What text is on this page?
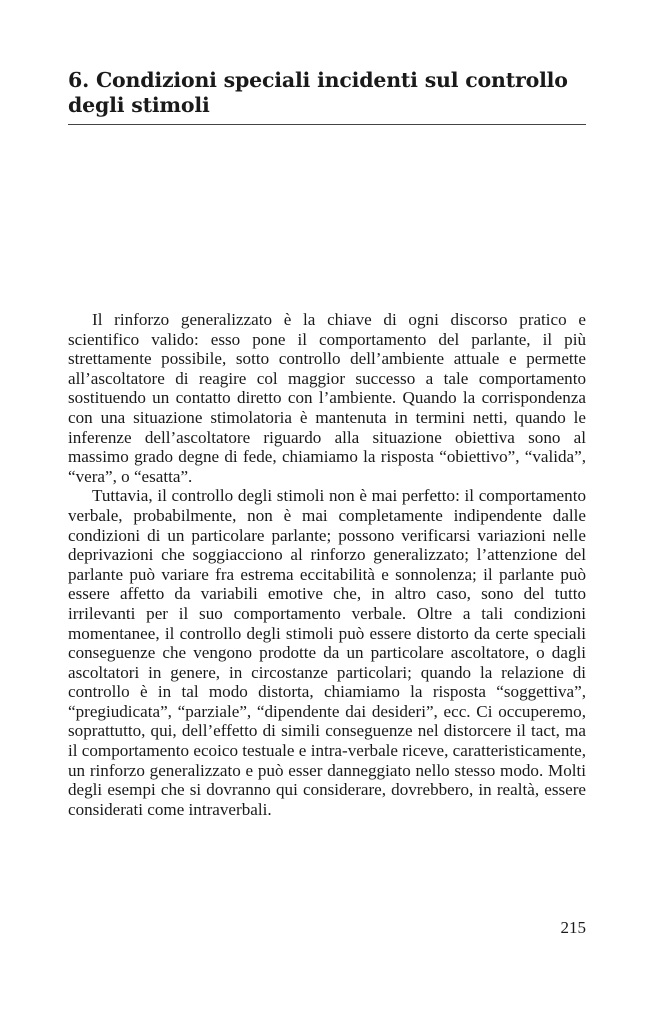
6. Condizioni speciali incidenti sul controllo
degli stimoli

Il rinforzo generalizzato è la chiave di ogni discorso pratico e scientifico valido: esso pone il comportamento del parlante, il più strettamente possibile, sotto controllo dell’ambiente attuale e permette all’ascoltatore di reagire col maggior successo a tale comportamento sostituendo un contatto diretto con l’ambiente. Quando la corrispondenza con una situazione stimolatoria è mantenuta in termini netti, quando le inferenze dell’ascoltatore riguardo alla situazione obiettiva sono al massimo grado degne di fede, chiamiamo la risposta “obiettivo”, “valida”, “vera”, o “esatta”.

Tuttavia, il controllo degli stimoli non è mai perfetto: il comportamento verbale, probabilmente, non è mai completamente indipendente dalle condizioni di un particolare parlante; possono verificarsi variazioni nelle deprivazioni che soggiacciono al rinforzo generalizzato; l’attenzione del parlante può variare fra estrema eccitabilità e sonnolenza; il parlante può essere affetto da variabili emotive che, in altro caso, sono del tutto irrilevanti per il suo comportamento verbale. Oltre a tali condizioni momentanee, il controllo degli stimoli può essere distorto da certe speciali conseguenze che vengono prodotte da un particolare ascoltatore, o dagli ascoltatori in genere, in circostanze particolari; quando la relazione di controllo è in tal modo distorta, chiamiamo la risposta “soggettiva”, “pregiudicata”, “parziale”, “dipendente dai desideri”, ecc. Ci occuperemo, soprattutto, qui, dell’effetto di simili conseguenze nel distorcere il tact, ma il comportamento ecoico testuale e intra-verbale riceve, caratteristicamente, un rinforzo generalizzato e può esser danneggiato nello stesso modo. Molti degli esempi che si dovranno qui considerare, dovrebbero, in realtà, essere considerati come intraverbali.

215
